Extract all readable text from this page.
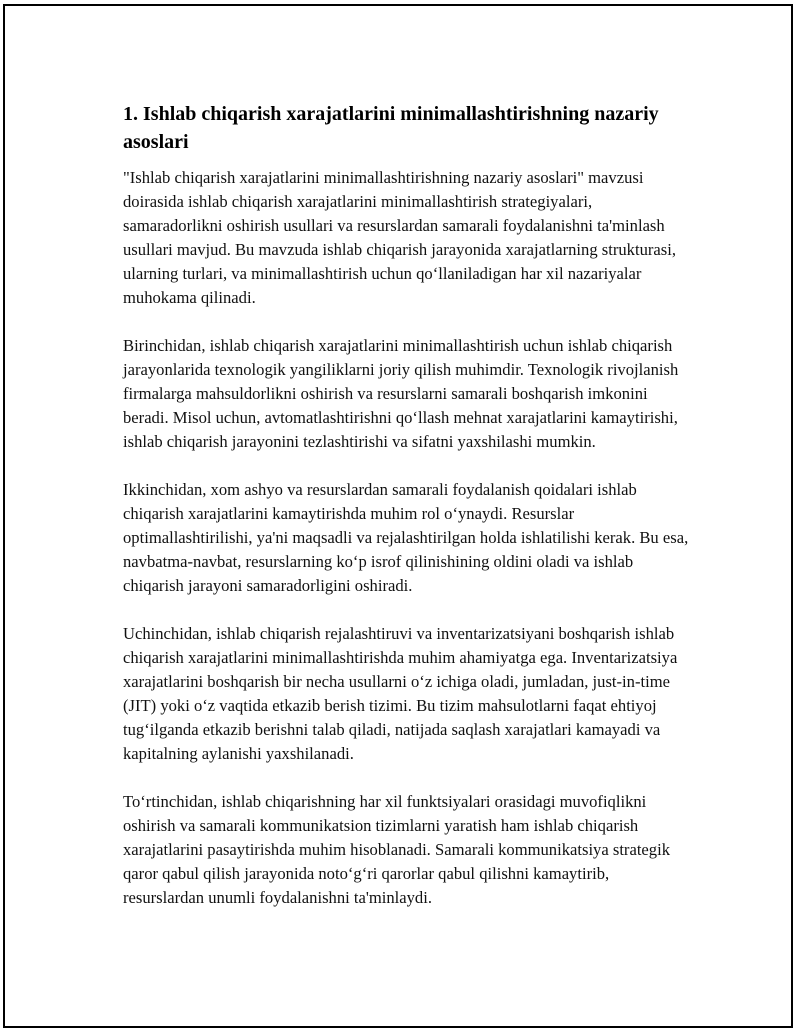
1. Ishlab chiqarish xarajatlarini minimallashtirishning nazariy asoslari

"Ishlab chiqarish xarajatlarini minimallashtirishning nazariy asoslari" mavzusi doirasida ishlab chiqarish xarajatlarini minimallashtirish strategiyalari, samaradorlikni oshirish usullari va resurslardan samarali foydalanishni ta'minlash usullari mavjud. Bu mavzuda ishlab chiqarish jarayonida xarajatlarning strukturasi, ularning turlari, va minimallashtirish uchun qo‘llaniladigan har xil nazariyalar muhokama qilinadi.

Birinchidan, ishlab chiqarish xarajatlarini minimallashtirish uchun ishlab chiqarish jarayonlarida texnologik yangiliklarni joriy qilish muhimdir. Texnologik rivojlanish firmalarga mahsuldorlikni oshirish va resurslarni samarali boshqarish imkonini beradi. Misol uchun, avtomatlashtirishni qo‘llash mehnat xarajatlarini kamaytirishi, ishlab chiqarish jarayonini tezlashtirishi va sifatni yaxshilashi mumkin.

Ikkinchidan, xom ashyo va resurslardan samarali foydalanish qoidalari ishlab chiqarish xarajatlarini kamaytirishda muhim rol o‘ynaydi. Resurslar optimallashtirilishi, ya'ni maqsadli va rejalashtirilgan holda ishlatilishi kerak. Bu esa, navbatma-navbat, resurslarning ko‘p isrof qilinishining oldini oladi va ishlab chiqarish jarayoni samaradorligini oshiradi.

Uchinchidan, ishlab chiqarish rejalashtiruvi va inventarizatsiyani boshqarish ishlab chiqarish xarajatlarini minimallashtirishda muhim ahamiyatga ega. Inventarizatsiya xarajatlarini boshqarish bir necha usullarni o‘z ichiga oladi, jumladan, just-in-time (JIT) yoki o‘z vaqtida etkazib berish tizimi. Bu tizim mahsulotlarni faqat ehtiyoj tug‘ilganda etkazib berishni talab qiladi, natijada saqlash xarajatlari kamayadi va kapitalning aylanishi yaxshilanadi.

To‘rtinchidan, ishlab chiqarishning har xil funktsiyalari orasidagi muvofiqlikni oshirish va samarali kommunikatsion tizimlarni yaratish ham ishlab chiqarish xarajatlarini pasaytirishda muhim hisoblanadi. Samarali kommunikatsiya strategik qaror qabul qilish jarayonida noto‘g‘ri qarorlar qabul qilishni kamaytirib, resurslardan unumli foydalanishni ta'minlaydi.
